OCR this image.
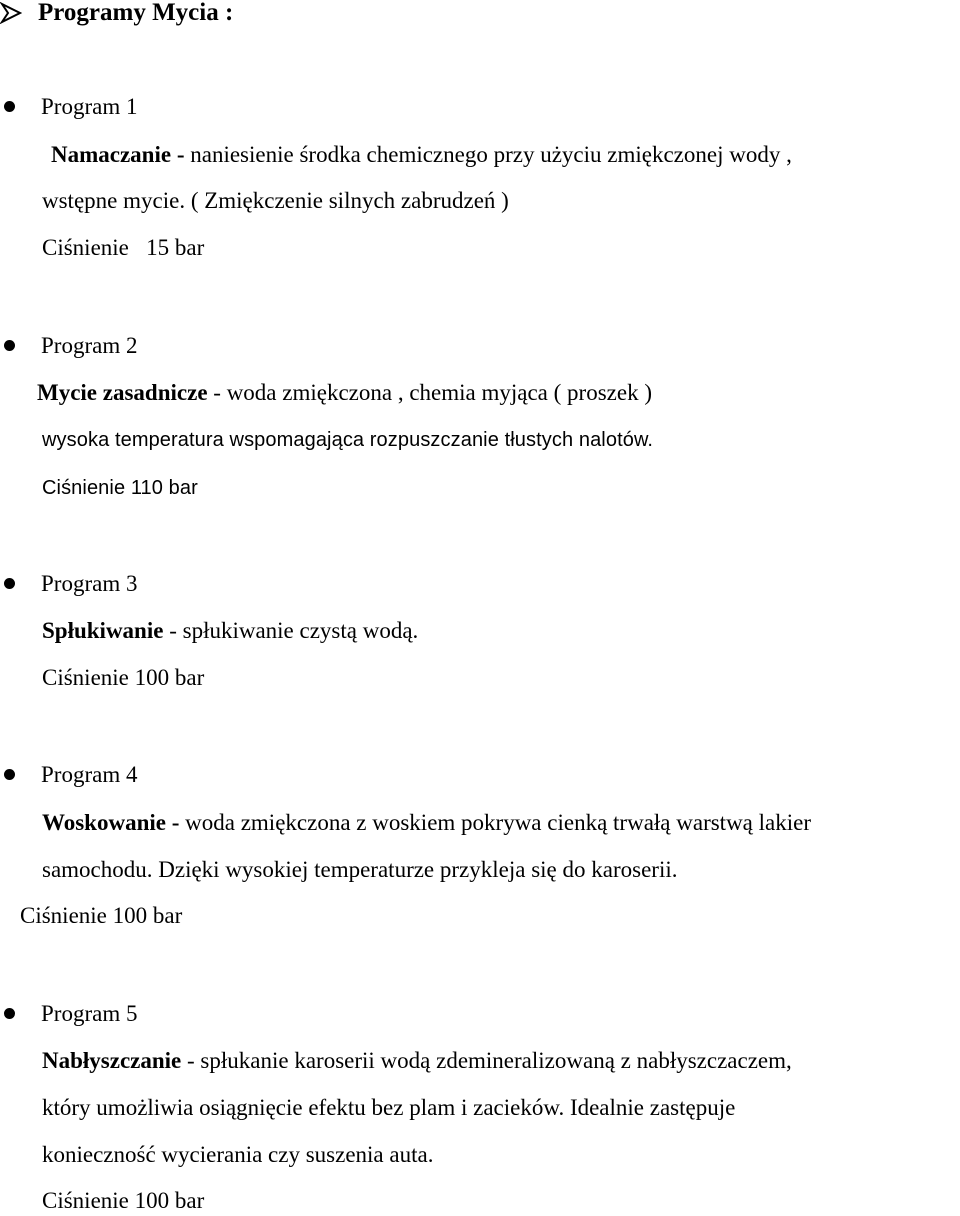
Programy Mycia :
Program 1
Namaczanie - naniesienie środka chemicznego przy użyciu zmiękczonej wody ,
wstępne mycie. ( Zmiękczenie silnych zabrudzeń )
Ciśnienie   15 bar
Program 2
Mycie zasadnicze - woda zmiękczona , chemia myjąca ( proszek )
wysoka temperatura wspomagająca rozpuszczanie tłustych nalotów.
Ciśnienie 110 bar
Program 3
Spłukiwanie - spłukiwanie czystą wodą.
Ciśnienie 100 bar
Program 4
Woskowanie - woda zmiękczona z woskiem pokrywa cienką trwałą warstwą lakier
samochodu. Dzięki wysokiej temperaturze przykleja się do karoserii.
Ciśnienie 100 bar
Program 5
Nabłyszczanie - spłukanie karoserii wodą zdemineralizowaną z nabłyszczaczem,
który umożliwia osiągnięcie efektu bez plam i zacieków. Idealnie zastępuje
konieczność wycierania czy suszenia auta.
Ciśnienie 100 bar
